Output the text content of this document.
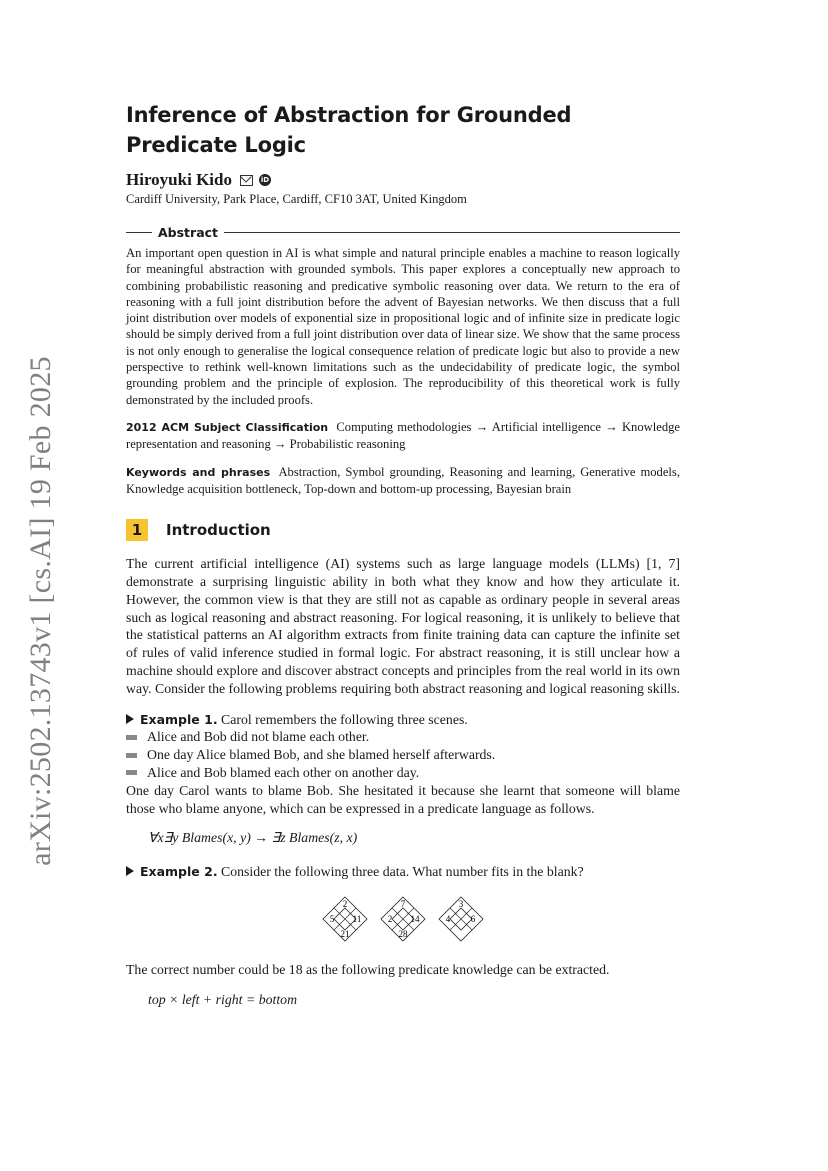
arXiv:2502.13743v1 [cs.AI] 19 Feb 2025
Inference of Abstraction for Grounded Predicate Logic
Hiroyuki Kido	iD
Cardiff University, Park Place, Cardiff, CF10 3AT, United Kingdom
Abstract

An important open question in AI is what simple and natural principle enables a machine to reason logically for meaningful abstraction with grounded symbols. This paper explores a conceptually new approach to combining probabilistic reasoning and predicative symbolic reasoning over data. We return to the era of reasoning with a full joint distribution before the advent of Bayesian networks. We then discuss that a full joint distribution over models of exponential size in propositional logic and of infinite size in predicate logic should be simply derived from a full joint distribution over data of linear size. We show that the same process is not only enough to generalise the logical consequence relation of predicate logic but also to provide a new perspective to rethink well-known limitations such as the undecidability of predicate logic, the symbol grounding problem and the principle of explosion. The reproducibility of this theoretical work is fully demonstrated by the included proofs.

2012 ACM Subject Classification Computing methodologies → Artificial intelligence → Knowledge representation and reasoning → Probabilistic reasoning

Keywords and phrases Abstraction, Symbol grounding, Reasoning and learning, Generative models, Knowledge acquisition bottleneck, Top-down and bottom-up processing, Bayesian brain

1	Introduction

The current artificial intelligence (AI) systems such as large language models (LLMs) [1, 7] demonstrate a surprising linguistic ability in both what they know and how they articulate it. However, the common view is that they are still not as capable as ordinary people in several areas such as logical reasoning and abstract reasoning. For logical reasoning, it is unlikely to believe that the statistical patterns an AI algorithm extracts from finite training data can capture the infinite set of rules of valid inference studied in formal logic. For abstract reasoning, it is still unclear how a machine should explore and discover abstract concepts and principles from the real world in its own way. Consider the following problems requiring both abstract reasoning and logical reasoning skills.

Example 1. Carol remembers the following three scenes.
Alice and Bob did not blame each other.
One day Alice blamed Bob, and she blamed herself afterwards.
Alice and Bob blamed each other on another day.
One day Carol wants to blame Bob. She hesitated it because she learnt that someone will blame those who blame anyone, which can be expressed in a predicate language as follows.
∀x∃y Blames(x, y) → ∃z Blames(z, x)
Example 2. Consider the following three data. What number fits in the blank?
2
5 11
21
7
2 14
28
3
4 6
The correct number could be 18 as the following predicate knowledge can be extracted.
top × left + right = bottom
